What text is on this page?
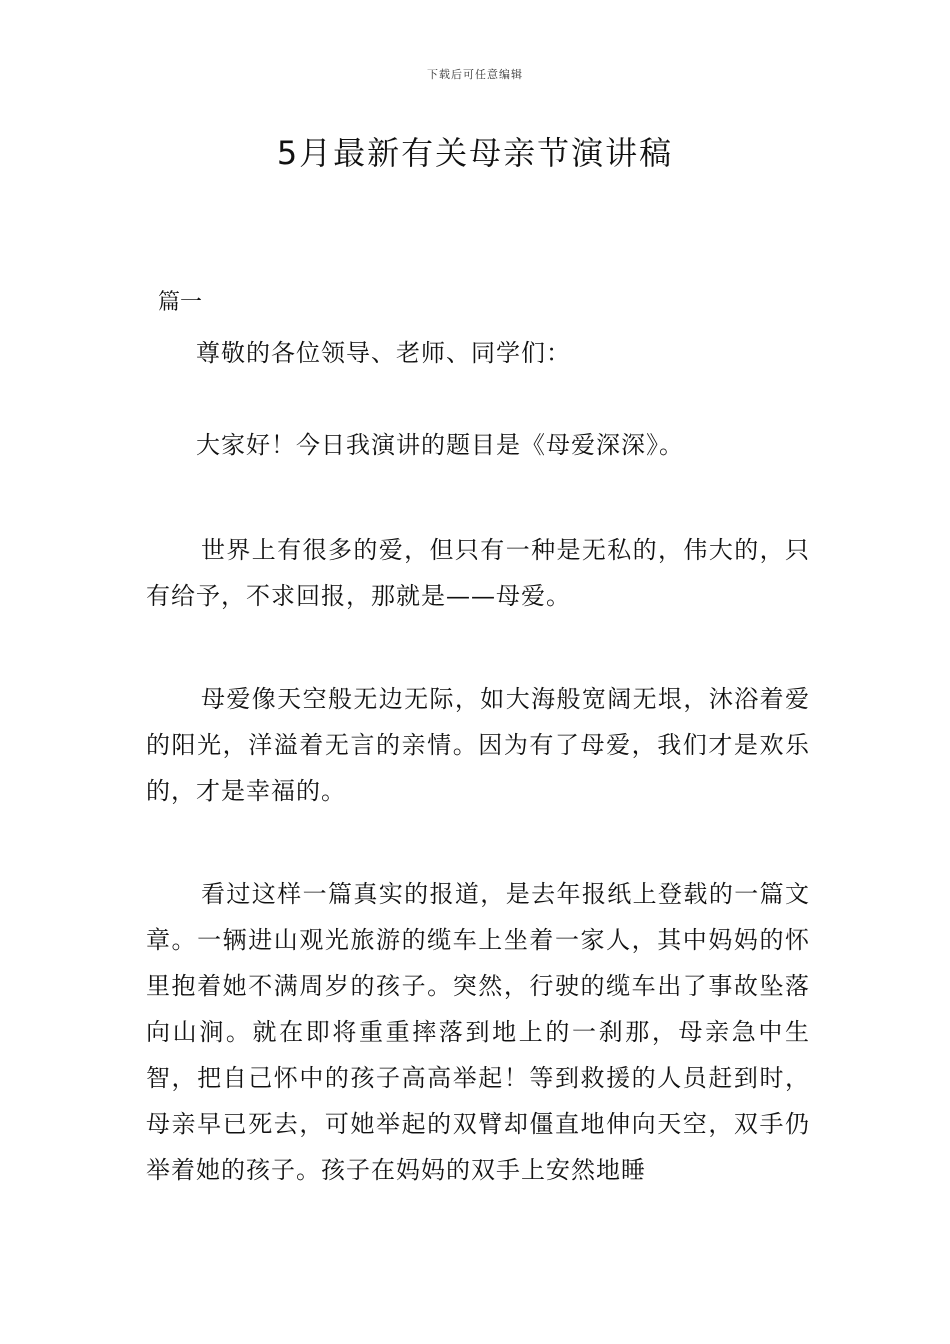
下载后可任意编辑
5月最新有关母亲节演讲稿
篇一

尊敬的各位领导、老师、同学们：

大家好！今日我演讲的题目是《母爱深深》。

世界上有很多的爱，但只有一种是无私的，伟大的，只有给予，不求回报，那就是——母爱。

母爱像天空般无边无际，如大海般宽阔无垠，沐浴着爱的阳光，洋溢着无言的亲情。因为有了母爱，我们才是欢乐的，才是幸福的。

看过这样一篇真实的报道，是去年报纸上登载的一篇文章。一辆进山观光旅游的缆车上坐着一家人，其中妈妈的怀里抱着她不满周岁的孩子。突然，行驶的缆车出了事故坠落向山涧。就在即将重重摔落到地上的一刹那，母亲急中生智，把自己怀中的孩子高高举起！等到救援的人员赶到时，母亲早已死去，可她举起的双臂却僵直地伸向天空，双手仍举着她的孩子。孩子在妈妈的双手上安然地睡
